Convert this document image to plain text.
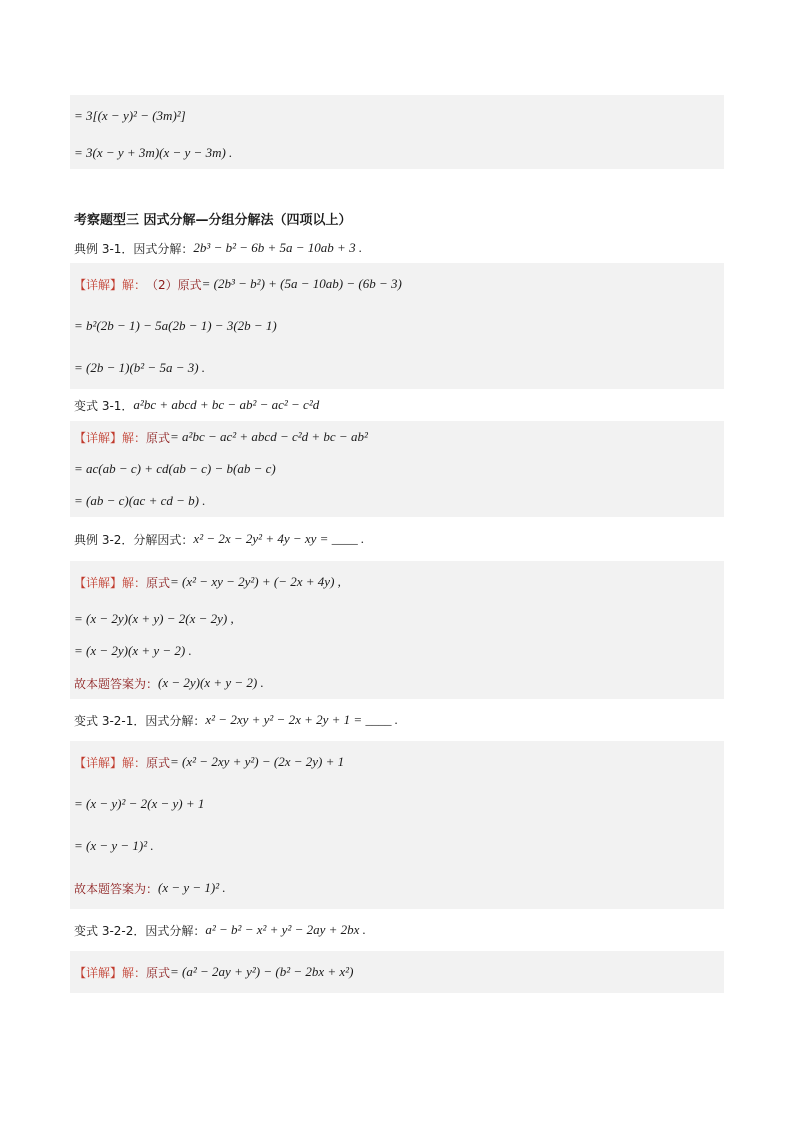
= 3[(x − y)² − (3m)²]
= 3(x − y + 3m)(x − y − 3m) .
考察题型三 因式分解—分组分解法（四项以上）
典例 3-1．因式分解： 2b³ − b² − 6b + 5a − 10ab + 3 .
【详解】解： （2）原式 = (2b³ − b²) + (5a − 10ab) − (6b − 3)
= b²(2b − 1) − 5a(2b − 1) − 3(2b − 1)
= (2b − 1)(b² − 5a − 3) .
变式 3-1． a²bc + abcd + bc − ab² − ac² − c²d
【详解】解： 原式 = a²bc − ac² + abcd − c²d + bc − ab²
= ac(ab − c) + cd(ab − c) − b(ab − c)
= (ab − c)(ac + cd − b) .
典例 3-2．分解因式： x² − 2x − 2y² + 4y − xy = ____ .
【详解】解： 原式 = (x² − xy − 2y²) + (− 2x + 4y) ,
= (x − 2y)(x + y) − 2(x − 2y) ,
= (x − 2y)(x + y − 2) .
故本题答案为： (x − 2y)(x + y − 2) .
变式 3-2-1．因式分解： x² − 2xy + y² − 2x + 2y + 1 = ____ .
【详解】解： 原式 = (x² − 2xy + y²) − (2x − 2y) + 1
= (x − y)² − 2(x − y) + 1
= (x − y − 1)² .
故本题答案为： (x − y − 1)² .
变式 3-2-2．因式分解： a² − b² − x² + y² − 2ay + 2bx .
【详解】解： 原式 = (a² − 2ay + y²) − (b² − 2bx + x²)
